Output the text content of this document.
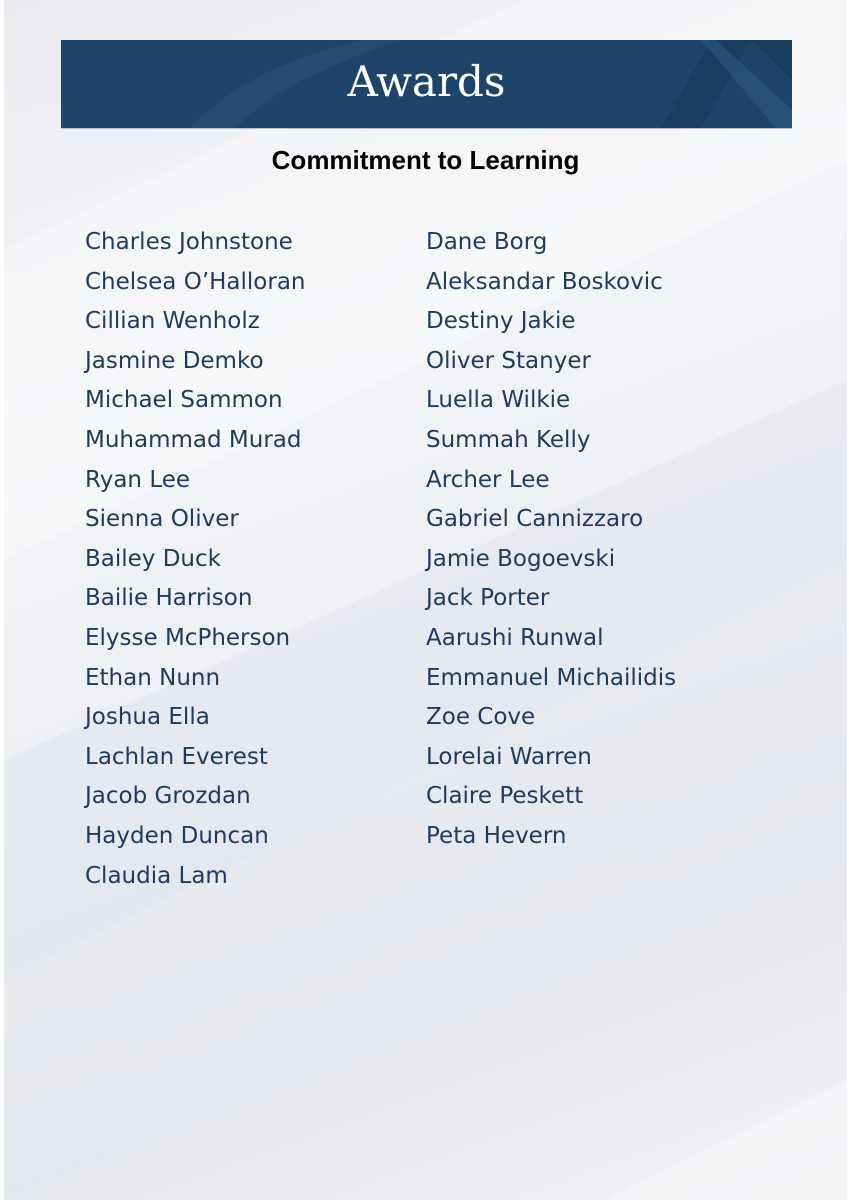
Awards
Commitment to Learning
Charles Johnstone
Chelsea O’Halloran
Cillian Wenholz
Jasmine Demko
Michael Sammon
Muhammad Murad
Ryan Lee
Sienna Oliver
Bailey Duck
Bailie Harrison
Elysse McPherson
Ethan Nunn
Joshua Ella
Lachlan Everest
Jacob Grozdan
Hayden Duncan
Claudia Lam
Dane Borg
Aleksandar Boskovic
Destiny Jakie
Oliver Stanyer
Luella Wilkie
Summah Kelly
Archer Lee
Gabriel Cannizzaro
Jamie Bogoevski
Jack Porter
Aarushi Runwal
Emmanuel Michailidis
Zoe Cove
Lorelai Warren
Claire Peskett
Peta Hevern
